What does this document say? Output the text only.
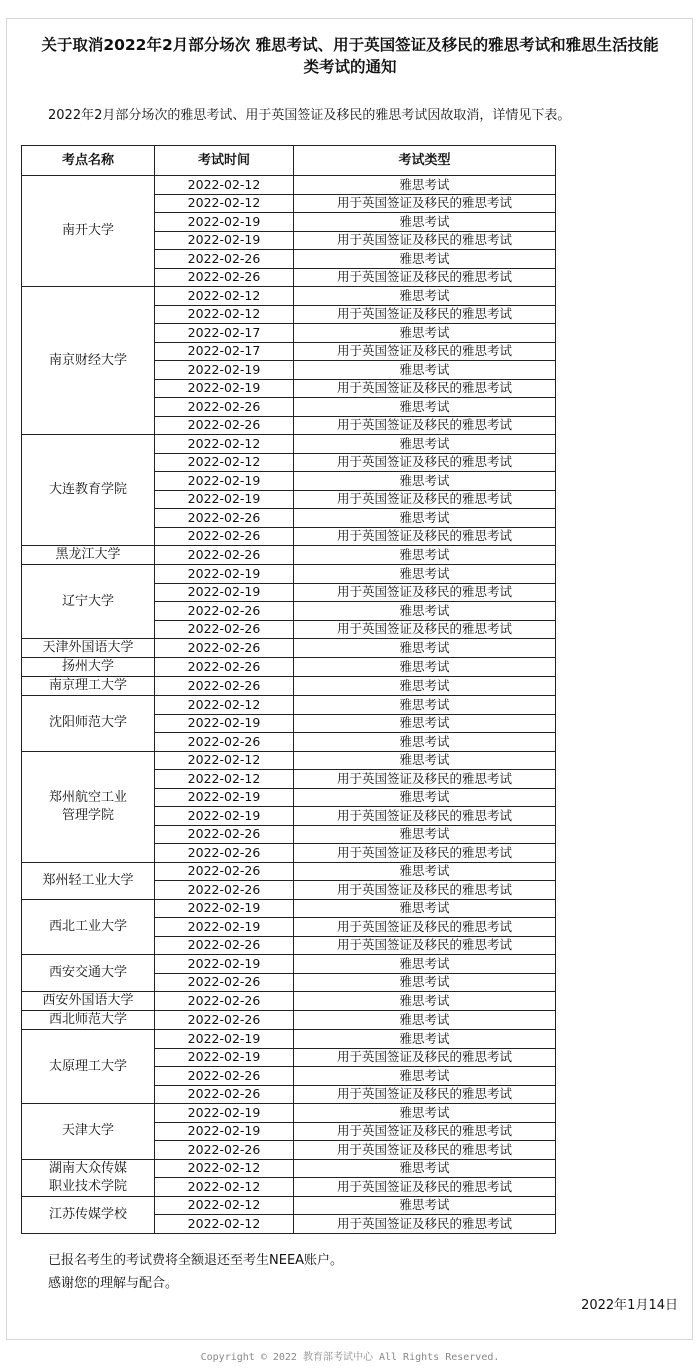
关于取消2022年2月部分场次 雅思考试、用于英国签证及移民的雅思考试和雅思生活技能
类考试的通知

2022年2月部分场次的雅思考试、用于英国签证及移民的雅思考试因故取消，详情见下表。

考点名称	考试时间	考试类型
南开大学	2022-02-12	雅思考试
	2022-02-12	用于英国签证及移民的雅思考试
	2022-02-19	雅思考试
	2022-02-19	用于英国签证及移民的雅思考试
	2022-02-26	雅思考试
	2022-02-26	用于英国签证及移民的雅思考试
南京财经大学	2022-02-12	雅思考试
	2022-02-12	用于英国签证及移民的雅思考试
	2022-02-17	雅思考试
	2022-02-17	用于英国签证及移民的雅思考试
	2022-02-19	雅思考试
	2022-02-19	用于英国签证及移民的雅思考试
	2022-02-26	雅思考试
	2022-02-26	用于英国签证及移民的雅思考试
大连教育学院	2022-02-12	雅思考试
	2022-02-12	用于英国签证及移民的雅思考试
	2022-02-19	雅思考试
	2022-02-19	用于英国签证及移民的雅思考试
	2022-02-26	雅思考试
	2022-02-26	用于英国签证及移民的雅思考试
黑龙江大学	2022-02-26	雅思考试
辽宁大学	2022-02-19	雅思考试
	2022-02-19	用于英国签证及移民的雅思考试
	2022-02-26	雅思考试
	2022-02-26	用于英国签证及移民的雅思考试
天津外国语大学	2022-02-26	雅思考试
扬州大学	2022-02-26	雅思考试
南京理工大学	2022-02-26	雅思考试
沈阳师范大学	2022-02-12	雅思考试
	2022-02-19	雅思考试
	2022-02-26	雅思考试
郑州航空工业
管理学院	2022-02-12	雅思考试
	2022-02-12	用于英国签证及移民的雅思考试
	2022-02-19	雅思考试
	2022-02-19	用于英国签证及移民的雅思考试
	2022-02-26	雅思考试
	2022-02-26	用于英国签证及移民的雅思考试
郑州轻工业大学	2022-02-26	雅思考试
	2022-02-26	用于英国签证及移民的雅思考试
西北工业大学	2022-02-19	雅思考试
	2022-02-19	用于英国签证及移民的雅思考试
	2022-02-26	用于英国签证及移民的雅思考试
西安交通大学	2022-02-19	雅思考试
	2022-02-26	雅思考试
西安外国语大学	2022-02-26	雅思考试
西北师范大学	2022-02-26	雅思考试
太原理工大学	2022-02-19	雅思考试
	2022-02-19	用于英国签证及移民的雅思考试
	2022-02-26	雅思考试
	2022-02-26	用于英国签证及移民的雅思考试
天津大学	2022-02-19	雅思考试
	2022-02-19	用于英国签证及移民的雅思考试
	2022-02-26	用于英国签证及移民的雅思考试
湖南大众传媒
职业技术学院	2022-02-12	雅思考试
	2022-02-12	用于英国签证及移民的雅思考试
江苏传媒学校	2022-02-12	雅思考试
	2022-02-12	用于英国签证及移民的雅思考试

已报名考生的考试费将全额退还至考生NEEA账户。

感谢您的理解与配合。

2022年1月14日

Copyright © 2022 教育部考试中心 All Rights Reserved.
